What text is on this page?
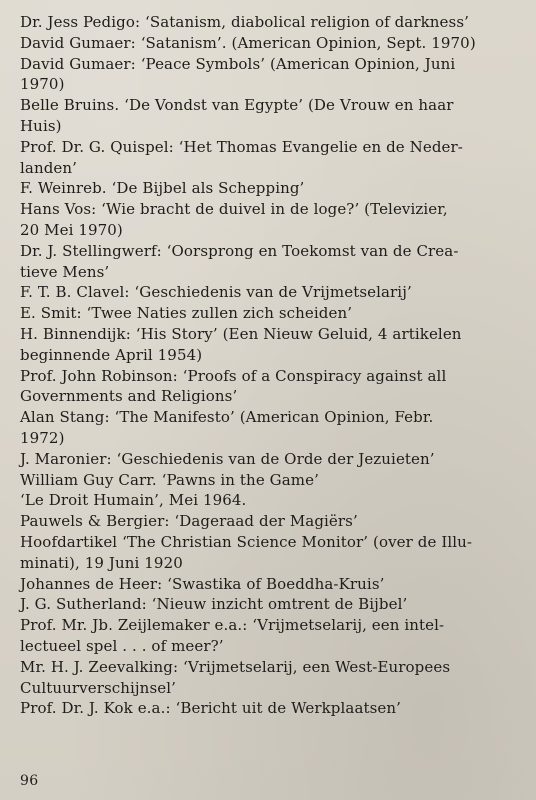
Dr. Jess Pedigo: ‘Satanism, diabolical religion of darkness’
David Gumaer: ‘Satanism’. (American Opinion, Sept. 1970)
David Gumaer: ‘Peace Symbols’ (American Opinion, Juni
1970)
Belle Bruins. ‘De Vondst van Egypte’ (De Vrouw en haar
Huis)
Prof. Dr. G. Quispel: ‘Het Thomas Evangelie en de Neder-
landen’
F. Weinreb. ‘De Bijbel als Schepping’
Hans Vos: ‘Wie bracht de duivel in de loge?’ (Televizier,
20 Mei 1970)
Dr. J. Stellingwerf: ‘Oorsprong en Toekomst van de Crea-
tieve Mens’
F. T. B. Clavel: ‘Geschiedenis van de Vrijmetselarij’
E. Smit: ‘Twee Naties zullen zich scheiden’
H. Binnendijk: ‘His Story’ (Een Nieuw Geluid, 4 artikelen
beginnende April 1954)
Prof. John Robinson: ‘Proofs of a Conspiracy against all
Governments and Religions’
Alan Stang: ‘The Manifesto’ (American Opinion, Febr.
1972)
J. Maronier: ‘Geschiedenis van de Orde der Jezuieten’
William Guy Carr. ‘Pawns in the Game’
‘Le Droit Humain’, Mei 1964.
Pauwels & Bergier: ‘Dageraad der Magiërs’
Hoofdartikel ‘The Christian Science Monitor’ (over de Illu-
minati), 19 Juni 1920
Johannes de Heer: ‘Swastika of Boeddha-Kruis’
J. G. Sutherland: ‘Nieuw inzicht omtrent de Bijbel’
Prof. Mr. Jb. Zeijlemaker e.a.: ‘Vrijmetselarij, een intel-
lectueel spel . . . of meer?’
Mr. H. J. Zeevalking: ‘Vrijmetselarij, een West-Europees
Cultuurverschijnsel’
Prof. Dr. J. Kok e.a.: ‘Bericht uit de Werkplaatsen’
96
